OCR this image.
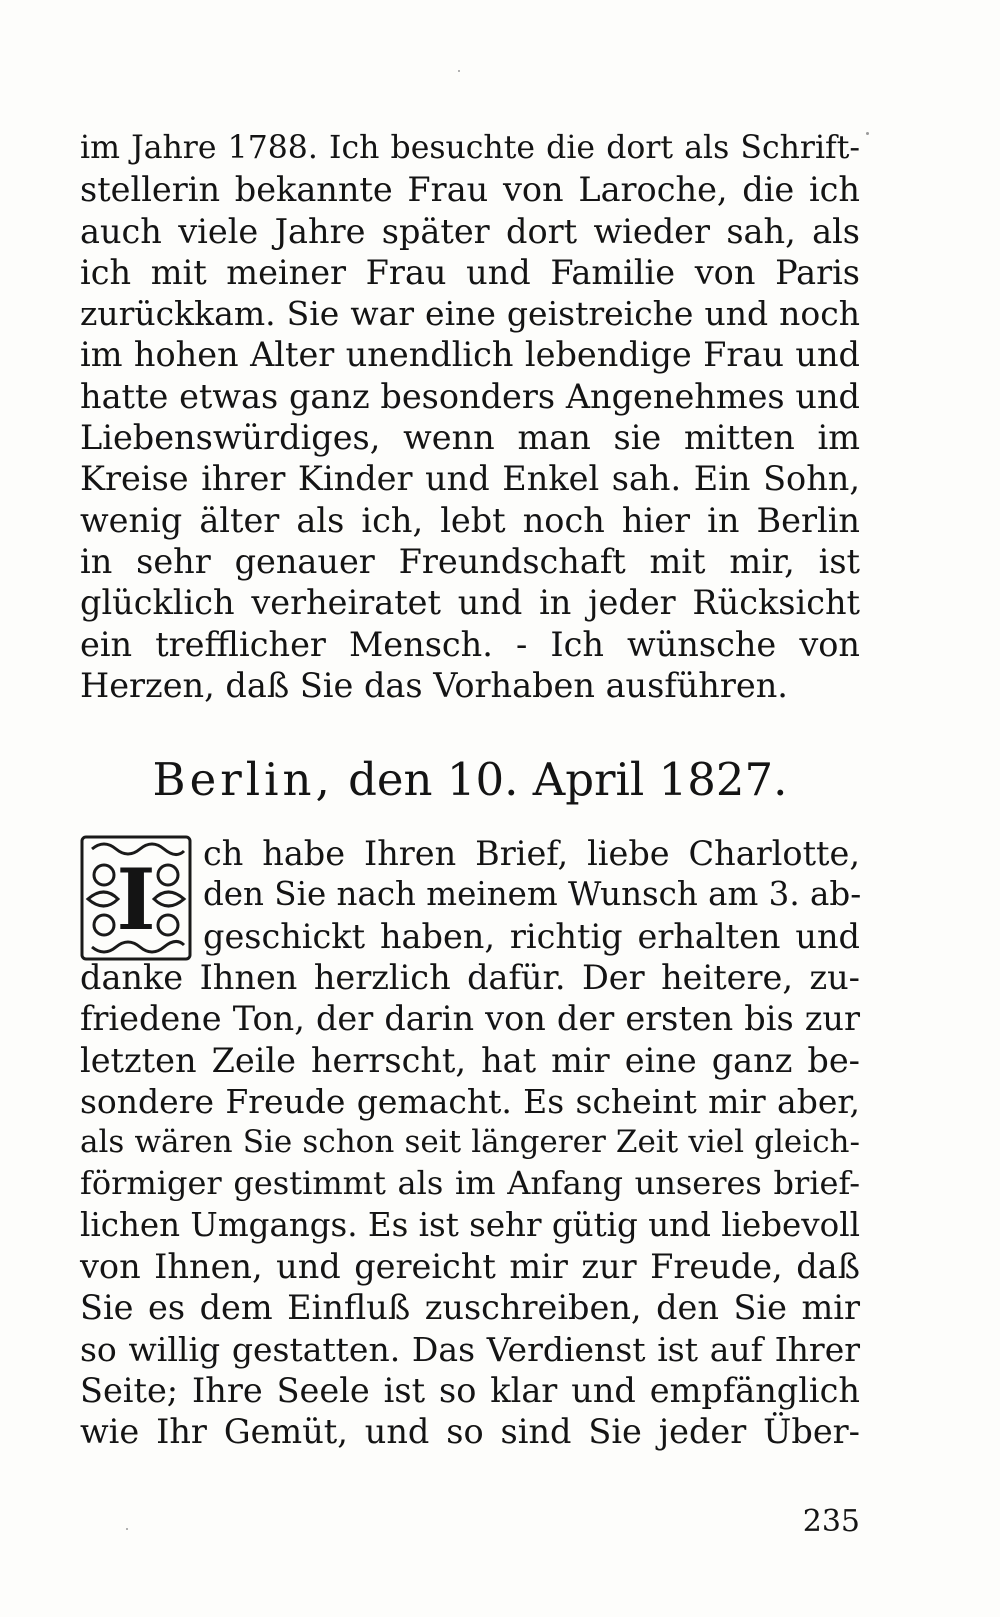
im Jahre 1788. Ich besuchte die dort als Schrift-
stellerin bekannte Frau von Laroche, die ich
auch viele Jahre später dort wieder sah, als
ich mit meiner Frau und Familie von Paris
zurückkam. Sie war eine geistreiche und noch
im hohen Alter unendlich lebendige Frau und
hatte etwas ganz besonders Angenehmes und
Liebenswürdiges, wenn man sie mitten im
Kreise ihrer Kinder und Enkel sah. Ein Sohn,
wenig älter als ich, lebt noch hier in Berlin
in sehr genauer Freundschaft mit mir, ist
glücklich verheiratet und in jeder Rücksicht
ein trefflicher Mensch. - Ich wünsche von
Herzen, daß Sie das Vorhaben ausführen.
Berlin, den 10. April 1827.
I ch habe Ihren Brief, liebe Charlotte,
den Sie nach meinem Wunsch am 3. ab-
geschickt haben, richtig erhalten und
danke Ihnen herzlich dafür. Der heitere, zu-
friedene Ton, der darin von der ersten bis zur
letzten Zeile herrscht, hat mir eine ganz be-
sondere Freude gemacht. Es scheint mir aber,
als wären Sie schon seit längerer Zeit viel gleich-
förmiger gestimmt als im Anfang unseres brief-
lichen Umgangs. Es ist sehr gütig und liebevoll
von Ihnen, und gereicht mir zur Freude, daß
Sie es dem Einfluß zuschreiben, den Sie mir
so willig gestatten. Das Verdienst ist auf Ihrer
Seite; Ihre Seele ist so klar und empfänglich
wie Ihr Gemüt, und so sind Sie jeder Über-
235
